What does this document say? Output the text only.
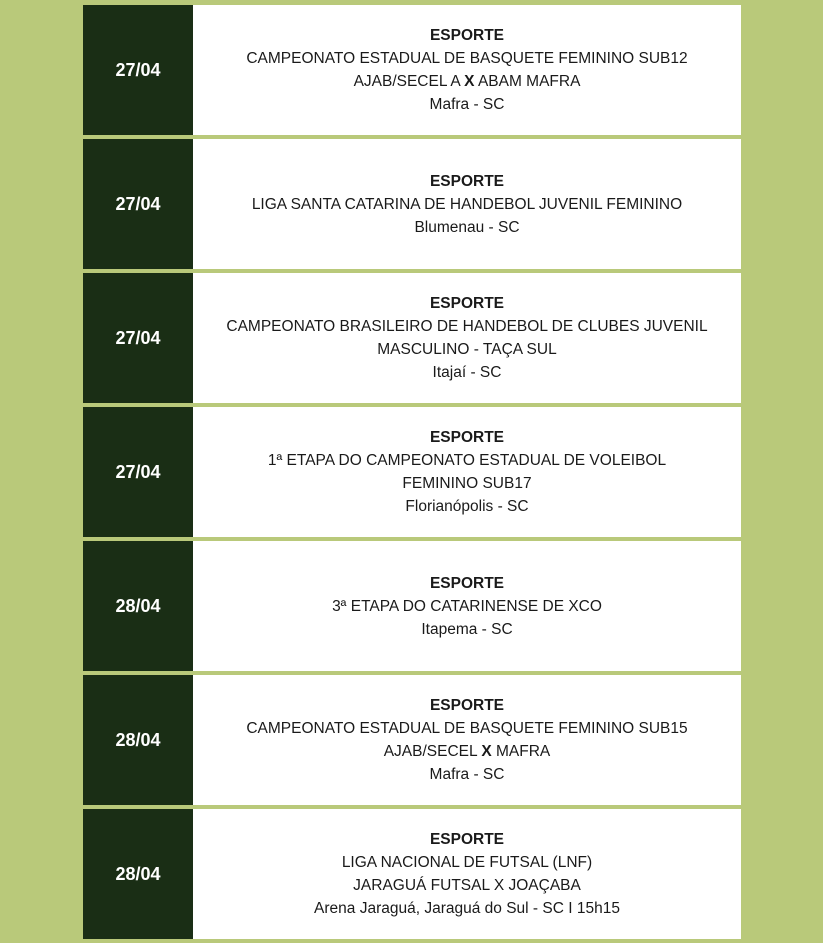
27/04
ESPORTE
CAMPEONATO ESTADUAL DE BASQUETE FEMININO SUB12
AJAB/SECEL A X ABAM MAFRA
Mafra - SC
27/04
ESPORTE
LIGA SANTA CATARINA DE HANDEBOL JUVENIL FEMININO
Blumenau - SC
27/04
ESPORTE
CAMPEONATO BRASILEIRO DE HANDEBOL DE CLUBES JUVENIL
MASCULINO - TAÇA SUL
Itajaí - SC
27/04
ESPORTE
1ª ETAPA DO CAMPEONATO ESTADUAL DE VOLEIBOL
FEMININO SUB17
Florianópolis - SC
28/04
ESPORTE
3ª ETAPA DO CATARINENSE DE XCO
Itapema - SC
28/04
ESPORTE
CAMPEONATO ESTADUAL DE BASQUETE FEMININO SUB15
AJAB/SECEL X MAFRA
Mafra - SC
28/04
ESPORTE
LIGA NACIONAL DE FUTSAL (LNF)
JARAGUÁ FUTSAL X JOAÇABA
Arena Jaraguá, Jaraguá do Sul - SC I 15h15
